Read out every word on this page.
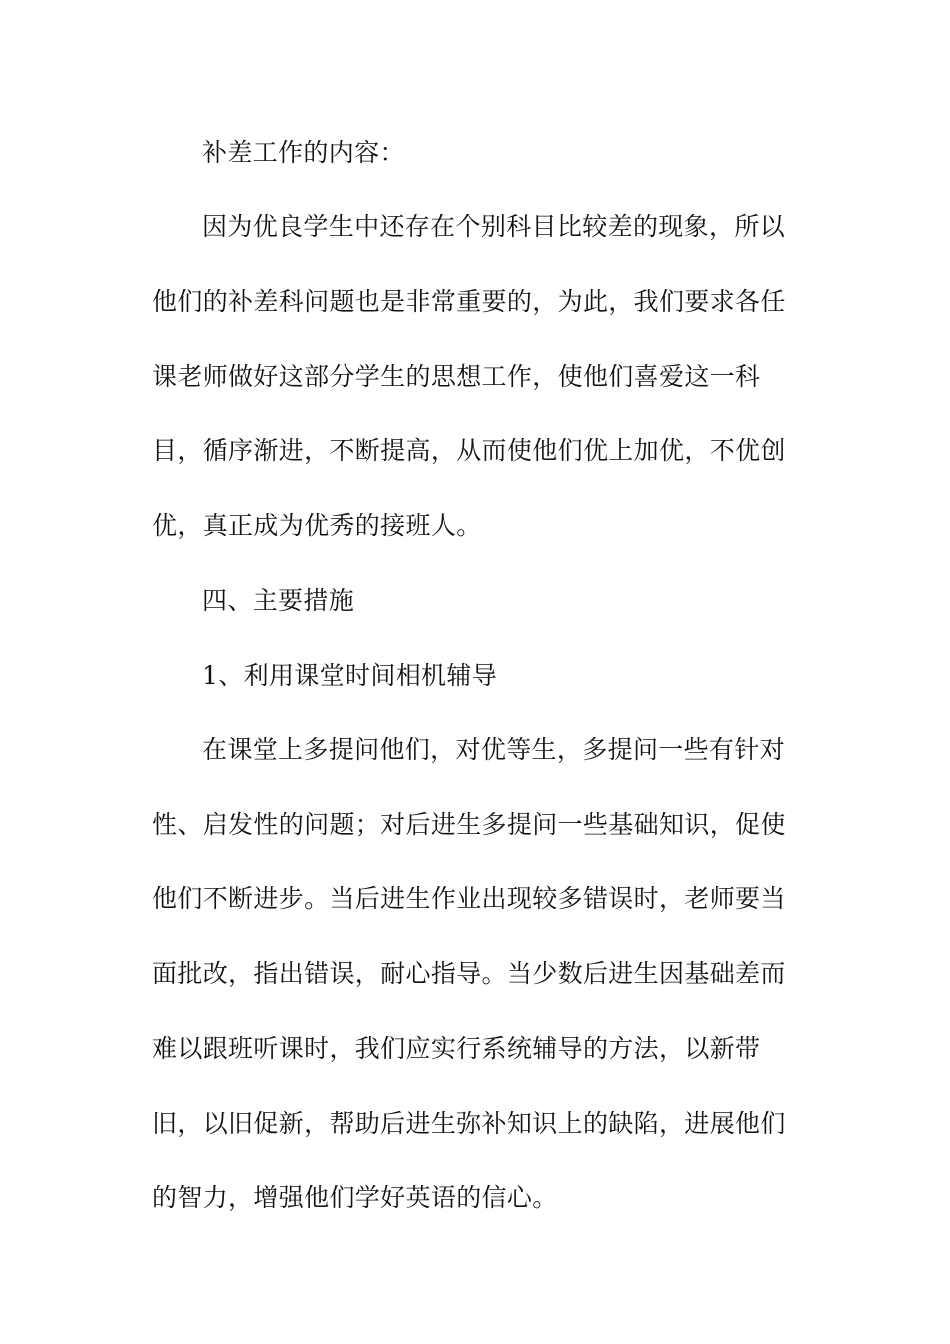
补差工作的内容：
因为优良学生中还存在个别科目比较差的现象，所以
他们的补差科问题也是非常重要的，为此，我们要求各任
课老师做好这部分学生的思想工作，使他们喜爱这一科
目，循序渐进，不断提高，从而使他们优上加优，不优创
优，真正成为优秀的接班人。
四、主要措施
1、利用课堂时间相机辅导
在课堂上多提问他们，对优等生，多提问一些有针对
性、启发性的问题；对后进生多提问一些基础知识，促使
他们不断进步。当后进生作业出现较多错误时，老师要当
面批改，指出错误，耐心指导。当少数后进生因基础差而
难以跟班听课时，我们应实行系统辅导的方法，以新带
旧，以旧促新，帮助后进生弥补知识上的缺陷，进展他们
的智力，增强他们学好英语的信心。
